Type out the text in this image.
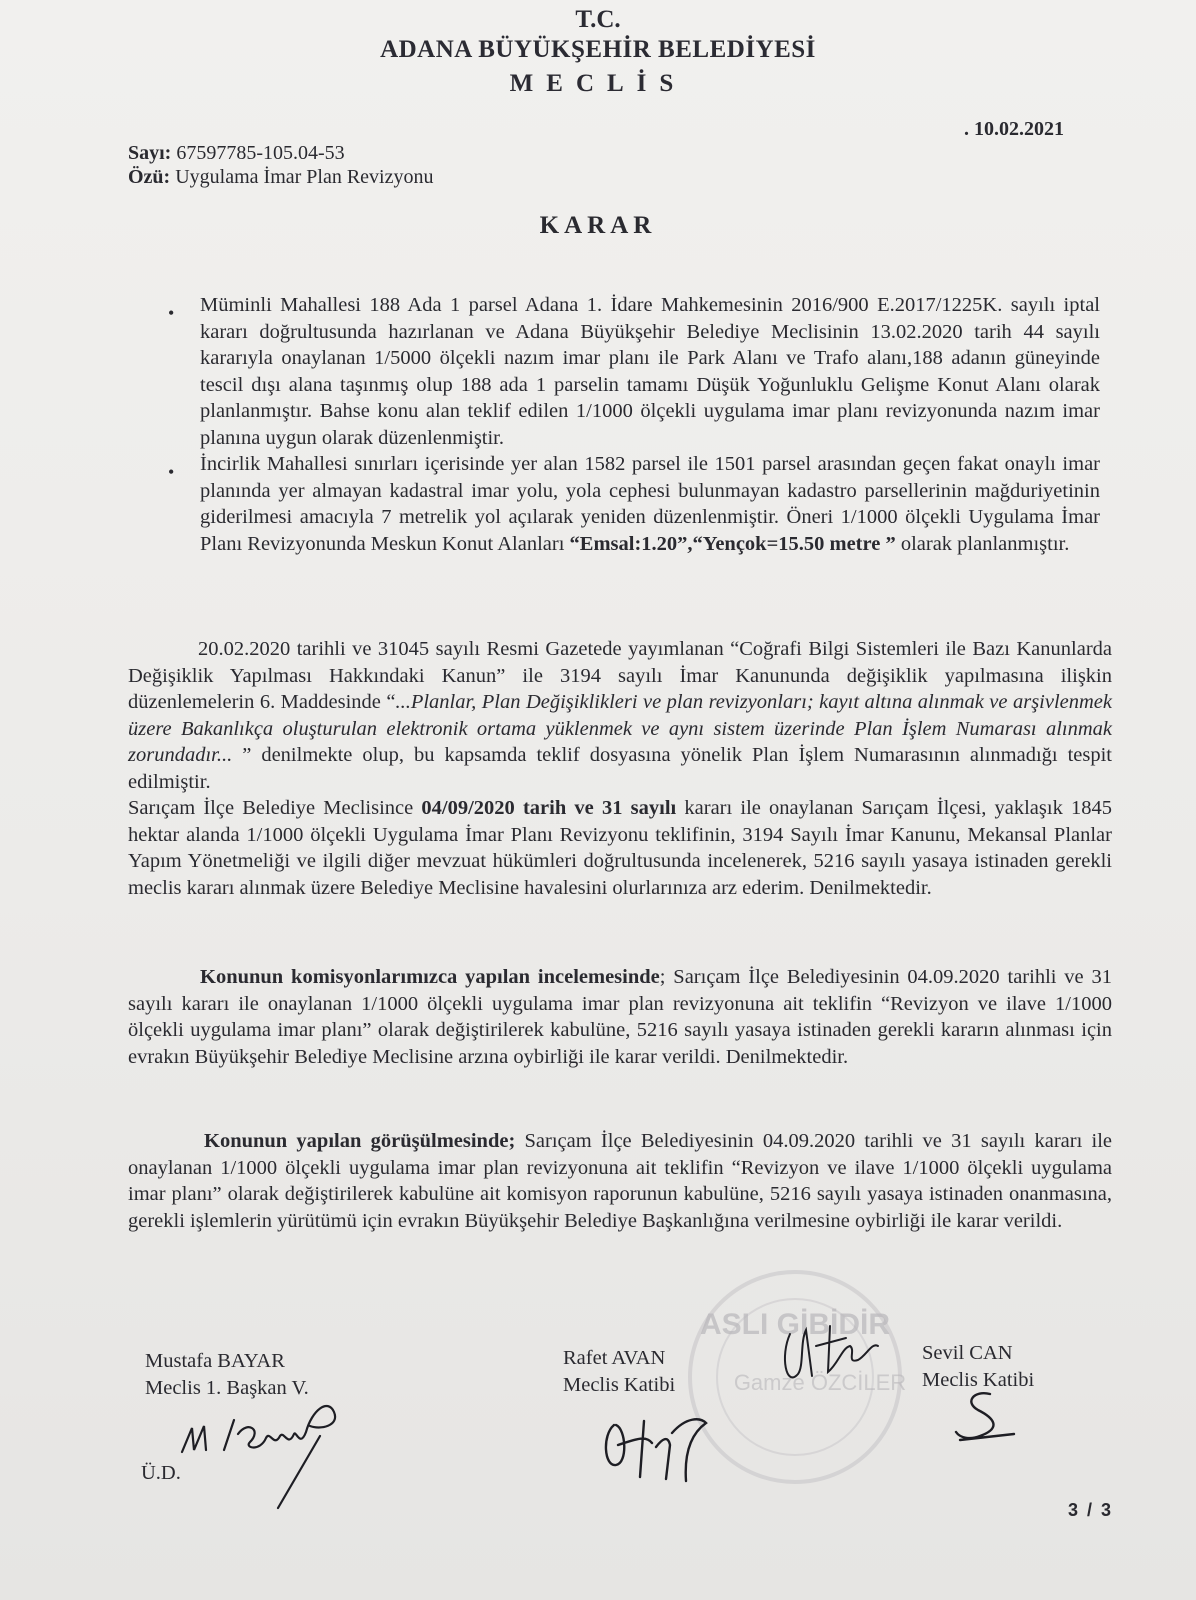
T.C.
ADANA BÜYÜKŞEHİR BELEDİYESİ
MECLİS
. 10.02.2021
Sayı: 67597785-105.04-53
Özü: Uygulama İmar Plan Revizyonu
KARAR
• Müminli Mahallesi 188 Ada 1 parsel Adana 1. İdare Mahkemesinin 2016/900 E.2017/1225K. sayılı iptal kararı doğrultusunda hazırlanan ve Adana Büyükşehir Belediye Meclisinin 13.02.2020 tarih 44 sayılı kararıyla onaylanan 1/5000 ölçekli nazım imar planı ile Park Alanı ve Trafo alanı,188 adanın güneyinde tescil dışı alana taşınmış olup 188 ada 1 parselin tamamı Düşük Yoğunluklu Gelişme Konut Alanı olarak planlanmıştır. Bahse konu alan teklif edilen 1/1000 ölçekli uygulama imar planı revizyonunda nazım imar planına uygun olarak düzenlenmiştir.
• İncirlik Mahallesi sınırları içerisinde yer alan 1582 parsel ile 1501 parsel arasından geçen fakat onaylı imar planında yer almayan kadastral imar yolu, yola cephesi bulunmayan kadastro parsellerinin mağduriyetinin giderilmesi amacıyla 7 metrelik yol açılarak yeniden düzenlenmiştir. Öneri 1/1000 ölçekli Uygulama İmar Planı Revizyonunda Meskun Konut Alanları “Emsal:1.20”,“Yençok=15.50 metre ” olarak planlanmıştır.
20.02.2020 tarihli ve 31045 sayılı Resmi Gazetede yayımlanan “Coğrafi Bilgi Sistemleri ile Bazı Kanunlarda Değişiklik Yapılması Hakkındaki Kanun” ile 3194 sayılı İmar Kanununda değişiklik yapılmasına ilişkin düzenlemelerin 6. Maddesinde “...Planlar, Plan Değişiklikleri ve plan revizyonları; kayıt altına alınmak ve arşivlenmek üzere Bakanlıkça oluşturulan elektronik ortama yüklenmek ve aynı sistem üzerinde Plan İşlem Numarası alınmak zorundadır... ” denilmekte olup, bu kapsamda teklif dosyasına yönelik Plan İşlem Numarasının alınmadığı tespit edilmiştir.
Sarıçam İlçe Belediye Meclisince 04/09/2020 tarih ve 31 sayılı kararı ile onaylanan Sarıçam İlçesi, yaklaşık 1845 hektar alanda 1/1000 ölçekli Uygulama İmar Planı Revizyonu teklifinin, 3194 Sayılı İmar Kanunu, Mekansal Planlar Yapım Yönetmeliği ve ilgili diğer mevzuat hükümleri doğrultusunda incelenerek, 5216 sayılı yasaya istinaden gerekli meclis kararı alınmak üzere Belediye Meclisine havalesini olurlarınıza arz ederim. Denilmektedir.
Konunun komisyonlarımızca yapılan incelemesinde; Sarıçam İlçe Belediyesinin 04.09.2020 tarihli ve 31 sayılı kararı ile onaylanan 1/1000 ölçekli uygulama imar plan revizyonuna ait teklifin “Revizyon ve ilave 1/1000 ölçekli uygulama imar planı” olarak değiştirilerek kabulüne, 5216 sayılı yasaya istinaden gerekli kararın alınması için evrakın Büyükşehir Belediye Meclisine arzına oybirliği ile karar verildi. Denilmektedir.
Konunun yapılan görüşülmesinde; Sarıçam İlçe Belediyesinin 04.09.2020 tarihli ve 31 sayılı kararı ile onaylanan 1/1000 ölçekli uygulama imar plan revizyonuna ait teklifin “Revizyon ve ilave 1/1000 ölçekli uygulama imar planı” olarak değiştirilerek kabulüne ait komisyon raporunun kabulüne, 5216 sayılı yasaya istinaden onanmasına, gerekli işlemlerin yürütümü için evrakın Büyükşehir Belediye Başkanlığına verilmesine oybirliği ile karar verildi.
ASLI GİBİDİR
Gamze ÖZCİLER
Mustafa BAYAR
Meclis 1. Başkan V.
Rafet AVAN
Meclis Katibi
Sevil CAN
Meclis Katibi
Ü.D.
3 / 3
